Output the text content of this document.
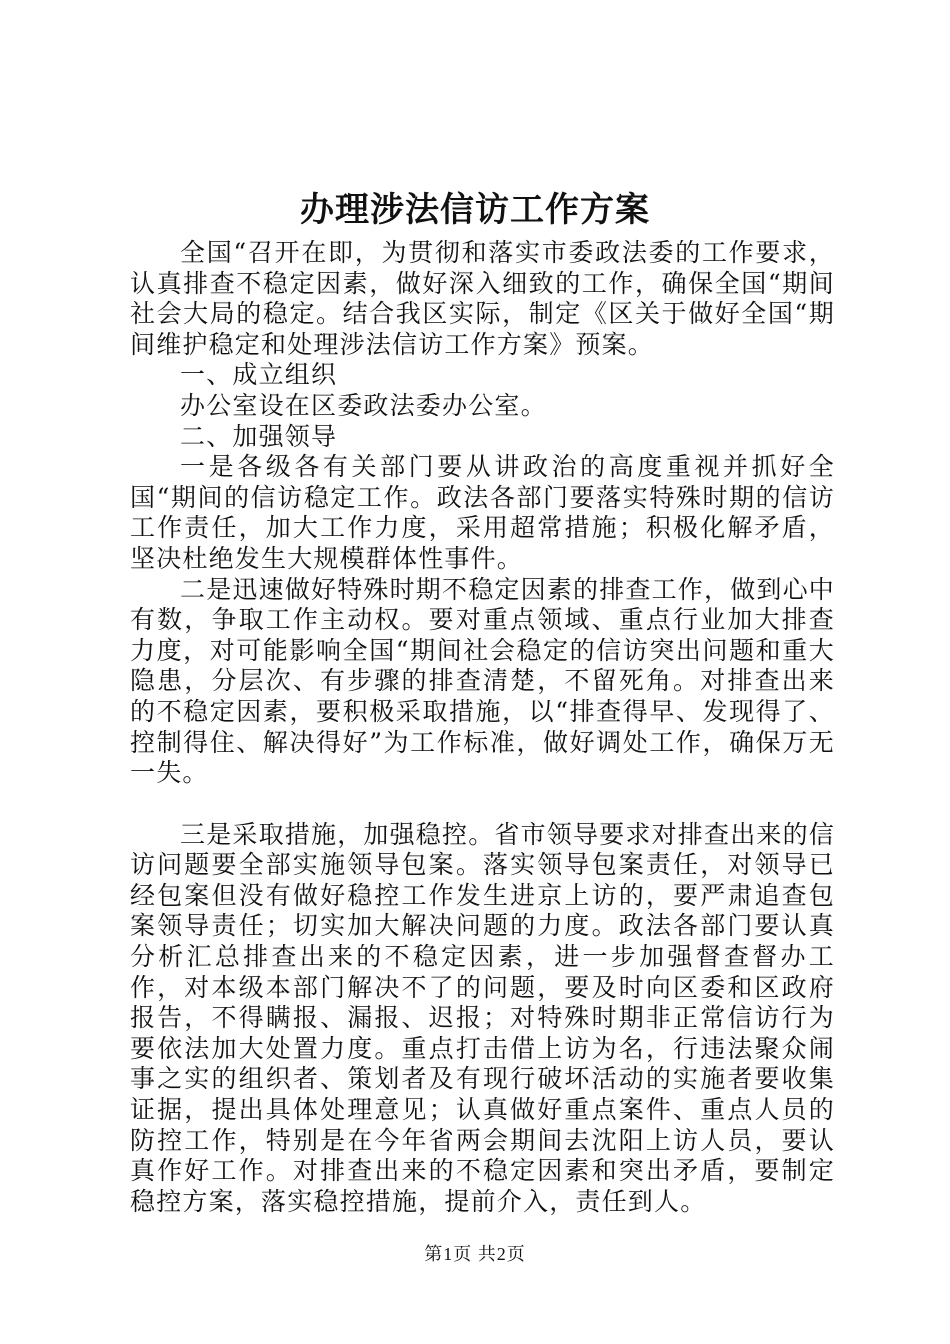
办理涉法信访工作方案

全国“召开在即，为贯彻和落实市委政法委的工作要求，认真排查不稳定因素，做好深入细致的工作，确保全国“期间社会大局的稳定。结合我区实际，制定《区关于做好全国“期间维护稳定和处理涉法信访工作方案》预案。

一、成立组织

办公室设在区委政法委办公室。

二、加强领导

一是各级各有关部门要从讲政治的高度重视并抓好全国“期间的信访稳定工作。政法各部门要落实特殊时期的信访工作责任，加大工作力度，采用超常措施；积极化解矛盾，坚决杜绝发生大规模群体性事件。

二是迅速做好特殊时期不稳定因素的排查工作，做到心中有数，争取工作主动权。要对重点领域、重点行业加大排查力度，对可能影响全国“期间社会稳定的信访突出问题和重大隐患，分层次、有步骤的排查清楚，不留死角。对排查出来的不稳定因素，要积极采取措施，以“排查得早、发现得了、控制得住、解决得好”为工作标准，做好调处工作，确保万无一失。

三是采取措施，加强稳控。省市领导要求对排查出来的信访问题要全部实施领导包案。落实领导包案责任，对领导已经包案但没有做好稳控工作发生进京上访的，要严肃追查包案领导责任；切实加大解决问题的力度。政法各部门要认真分析汇总排查出来的不稳定因素，进一步加强督查督办工作，对本级本部门解决不了的问题，要及时向区委和区政府报告，不得瞒报、漏报、迟报；对特殊时期非正常信访行为要依法加大处置力度。重点打击借上访为名，行违法聚众闹事之实的组织者、策划者及有现行破坏活动的实施者要收集证据，提出具体处理意见；认真做好重点案件、重点人员的防控工作，特别是在今年省两会期间去沈阳上访人员，要认真作好工作。对排查出来的不稳定因素和突出矛盾，要制定稳控方案，落实稳控措施，提前介入，责任到人。

第1页 共2页
